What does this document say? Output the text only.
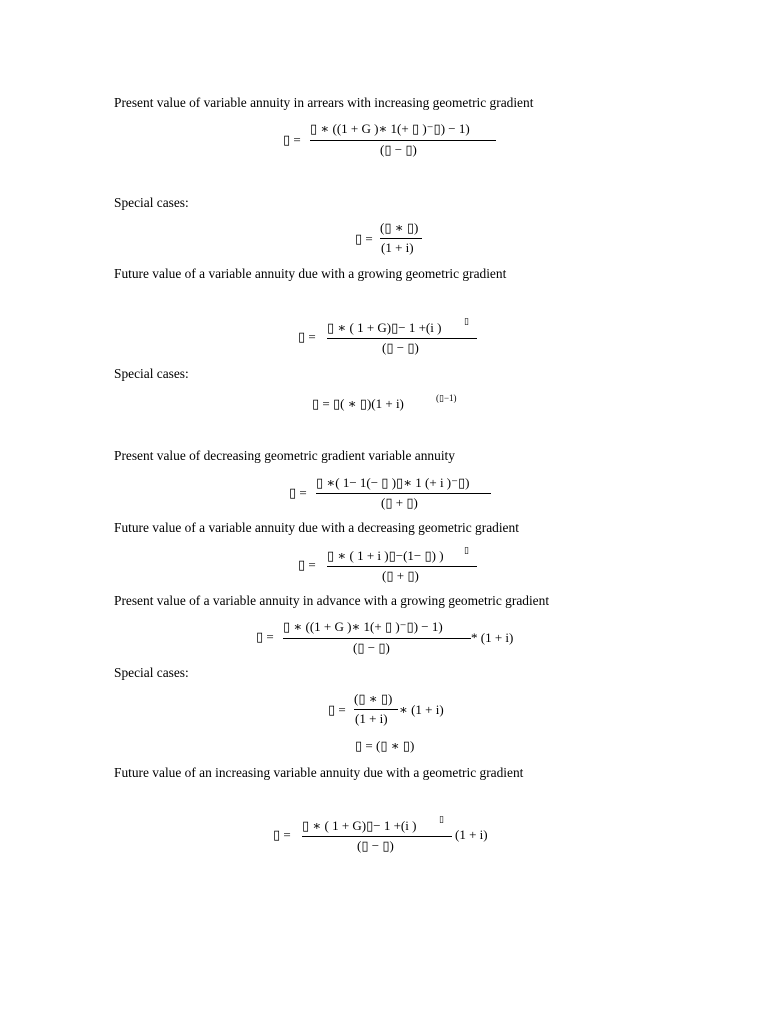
Present value of variable annuity in arrears with increasing geometric gradient
▯ =
▯ ∗ ((1 + G )∗ 1(+ ▯ )⁻▯) − 1)
(▯ − ▯)
Special cases:
▯ =
(▯ ∗ ▯)
(1 + i)
Future value of a variable annuity due with a growing geometric gradient
▯ =
▯ ∗ ( 1 + G)▯− 1 +(i )	▯
(▯ − ▯)
Special cases:
▯ = ▯( ∗ ▯)(1 + i)	(▯−1)
Present value of decreasing geometric gradient variable annuity
▯ =
▯ ∗( 1− 1(− ▯ )▯∗ 1 (+ i )⁻▯)
(▯ + ▯)
Future value of a variable annuity due with a decreasing geometric gradient
▯ =
▯ ∗ ( 1 + i )▯−(1− ▯) ) ▯
(▯ + ▯)
Present value of a variable annuity in advance with a growing geometric gradient
▯ =
▯ ∗ ((1 + G )∗ 1(+ ▯ )⁻▯) − 1)
(▯ − ▯)
* (1 + i)
Special cases:
▯ =
(▯ ∗ ▯)
(1 + i)
∗ (1 + i)
▯ = (▯ ∗ ▯)
Future value of an increasing variable annuity due with a geometric gradient
▯ =
▯ ∗ ( 1 + G)▯− 1 +(i )	▯
(▯ − ▯)
(1 + i)
